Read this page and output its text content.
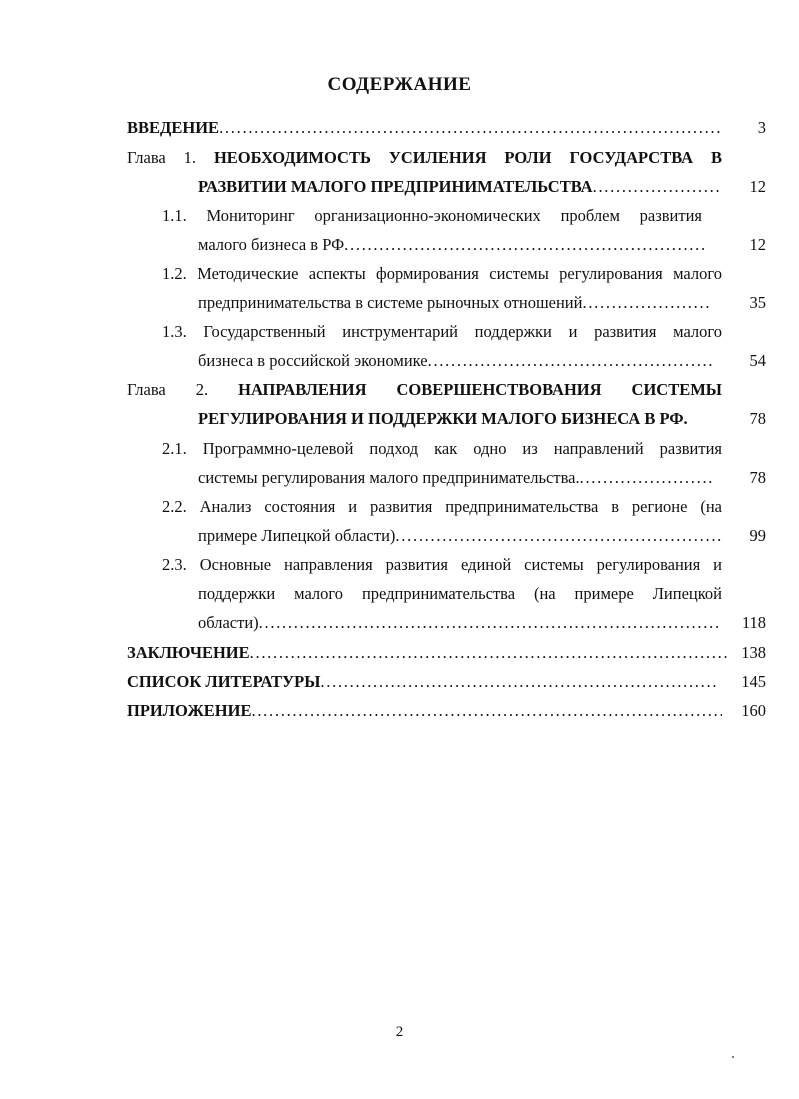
СОДЕРЖАНИЕ
ВВЕДЕНИЕ . . .	3
Глава 1. НЕОБХОДИМОСТЬ УСИЛЕНИЯ РОЛИ ГОСУДАРСТВА В
РАЗВИТИИ МАЛОГО ПРЕДПРИНИМАТЕЛЬСТВА . . .	12
1.1. Мониторинг организационно-экономических проблем развития
малого бизнеса в РФ . . .	12
1.2. Методические аспекты формирования системы регулирования малого
предпринимательства в системе рыночных отношений . . .	35
1.3. Государственный инструментарий поддержки и развития малого
бизнеса в российской экономике . . .	54
Глава 2. НАПРАВЛЕНИЯ СОВЕРШЕНСТВОВАНИЯ СИСТЕМЫ
РЕГУЛИРОВАНИЯ И ПОДДЕРЖКИ МАЛОГО БИЗНЕСА В РФ.	78
2.1. Программно-целевой подход как одно из направлений развития
системы регулирования малого предпринимательства. . . .	78
2.2. Анализ состояния и развития предпринимательства в регионе (на
примере Липецкой области) . . .	99
2.3. Основные направления развития единой системы регулирования и
поддержки малого предпринимательства (на примере Липецкой
области) . . .	118
ЗАКЛЮЧЕНИЕ . . .	138
СПИСОК ЛИТЕРАТУРЫ . . .	145
ПРИЛОЖЕНИЕ . . .	160
2
